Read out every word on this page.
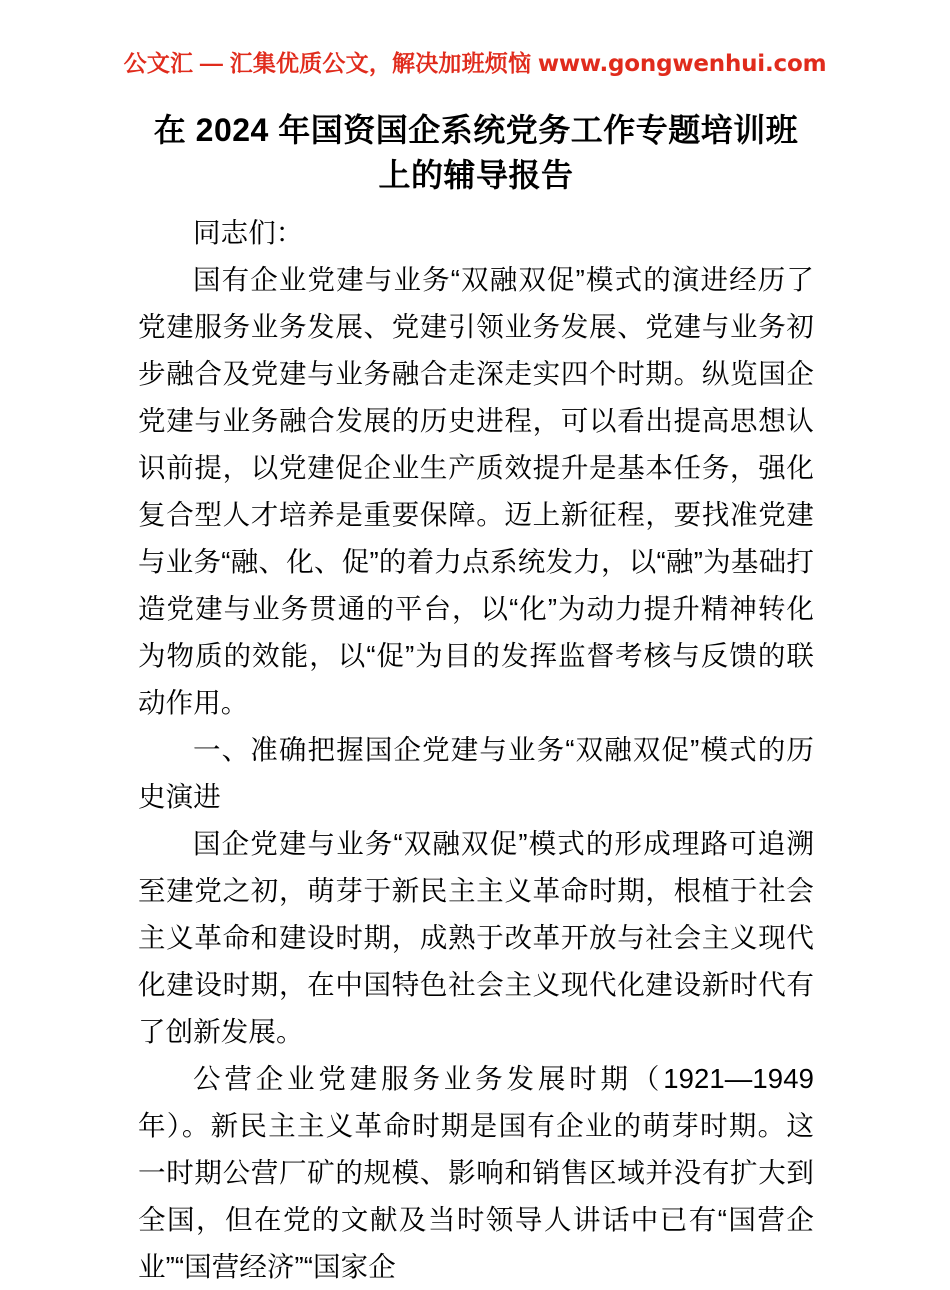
公文汇 — 汇集优质公文，解决加班烦恼 www.gongwenhui.com
在 2024 年国资国企系统党务工作专题培训班上的辅导报告

同志们：

国有企业党建与业务“双融双促”模式的演进经历了党建服务业务发展、党建引领业务发展、党建与业务初步融合及党建与业务融合走深走实四个时期。纵览国企党建与业务融合发展的历史进程，可以看出提高思想认识前提，以党建促企业生产质效提升是基本任务，强化复合型人才培养是重要保障。迈上新征程，要找准党建与业务“融、化、促”的着力点系统发力，以“融”为基础打造党建与业务贯通的平台，以“化”为动力提升精神转化为物质的效能，以“促”为目的发挥监督考核与反馈的联动作用。

一、准确把握国企党建与业务“双融双促”模式的历史演进

国企党建与业务“双融双促”模式的形成理路可追溯至建党之初，萌芽于新民主主义革命时期，根植于社会主义革命和建设时期，成熟于改革开放与社会主义现代化建设时期，在中国特色社会主义现代化建设新时代有了创新发展。

公营企业党建服务业务发展时期（1921—1949 年）。新民主主义革命时期是国有企业的萌芽时期。这一时期公营厂矿的规模、影响和销售区域并没有扩大到全国，但在党的文献及当时领导人讲话中已有“国营企业”“国营经济”“国家企
